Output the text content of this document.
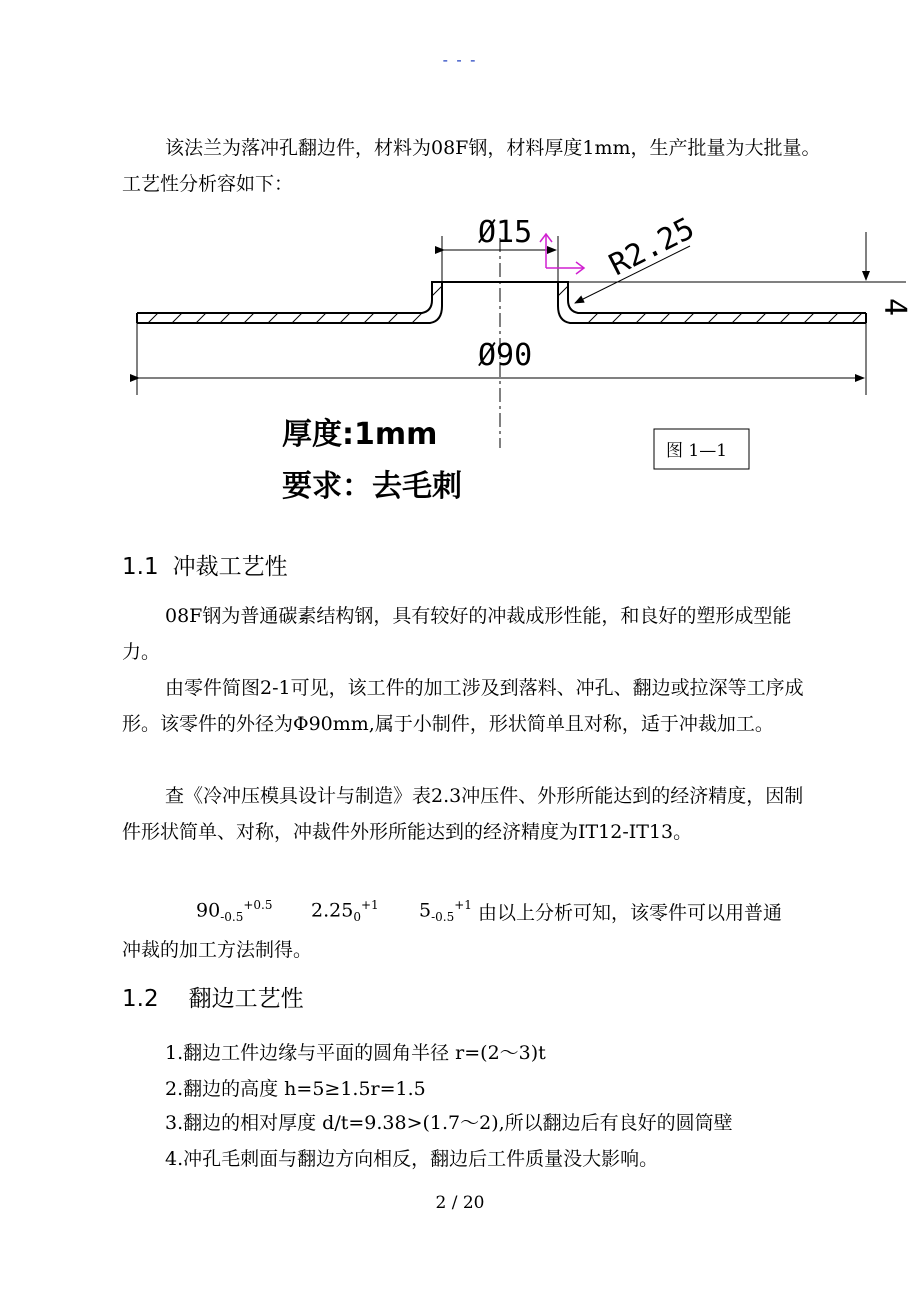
- - -

该法兰为落冲孔翻边件，材料为08F钢，材料厚度1mm，生产批量为大批量。工艺性分析容如下：

Ø15
Ø90
R2.25
4
厚度:1mm
要求：去毛刺
图 1—1
1.1 冲裁工艺性

08F钢为普通碳素结构钢，具有较好的冲裁成形性能，和良好的塑形成型能力。

由零件简图2-1可见，该工件的加工涉及到落料、冲孔、翻边或拉深等工序成形。该零件的外径为Φ90mm,属于小制件，形状简单且对称，适于冲裁加工。

查《冷冲压模具设计与制造》表2.3冲压件、外形所能达到的经济精度，因制件形状简单、对称，冲裁件外形所能达到的经济精度为IT12-IT13。

$90_{-0.5}^{+0.5}$ $2.25_0^{+1}$ $5_{-0.5}^{+1}$ 由以上分析可知，该零件可以用普通

冲裁的加工方法制得。

1.2 翻边工艺性

1.翻边工件边缘与平面的圆角半径 r=(2～3)t

2.翻边的高度 h=5≥1.5r=1.5

3.翻边的相对厚度 d/t=9.38>(1.7～2),所以翻边后有良好的圆筒壁

4.冲孔毛刺面与翻边方向相反，翻边后工件质量没大影响。

2 / 20
